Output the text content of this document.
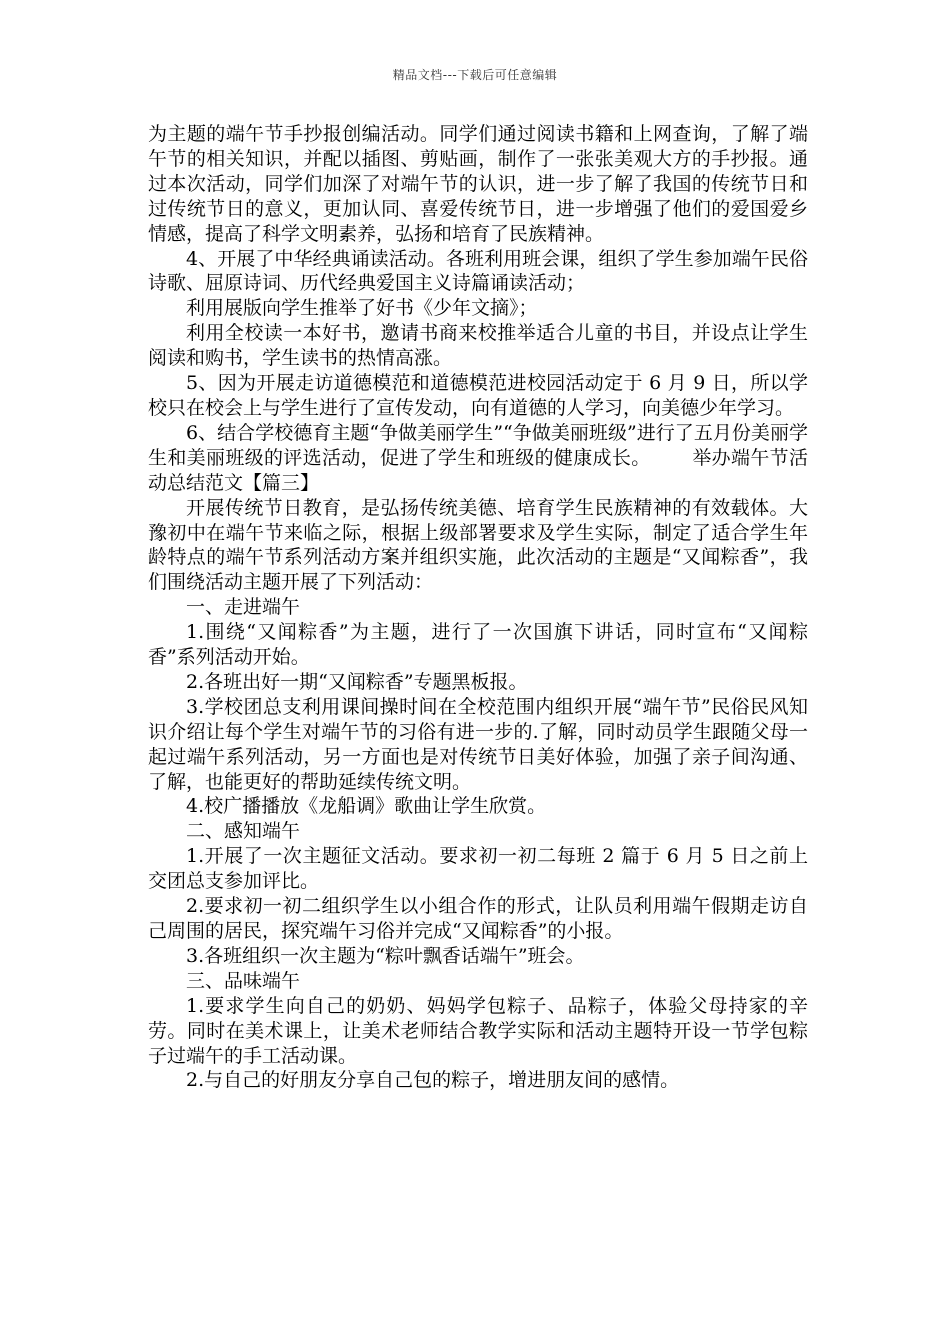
精品文档---下载后可任意编辑

为主题的端午节手抄报创编活动。同学们通过阅读书籍和上网查询，了解了端午节的相关知识，并配以插图、剪贴画，制作了一张张美观大方的手抄报。通过本次活动，同学们加深了对端午节的认识，进一步了解了我国的传统节日和过传统节日的意义，更加认同、喜爱传统节日，进一步增强了他们的爱国爱乡情感，提高了科学文明素养，弘扬和培育了民族精神。

4、开展了中华经典诵读活动。各班利用班会课，组织了学生参加端午民俗诗歌、屈原诗词、历代经典爱国主义诗篇诵读活动；

利用展版向学生推举了好书《少年文摘》；

利用全校读一本好书，邀请书商来校推举适合儿童的书目，并设点让学生阅读和购书，学生读书的热情高涨。

5、因为开展走访道德模范和道德模范进校园活动定于 6 月 9 日，所以学校只在校会上与学生进行了宣传发动，向有道德的人学习，向美德少年学习。

6、结合学校德育主题“争做美丽学生”“争做美丽班级”进行了五月份美丽学生和美丽班级的评选活动，促进了学生和班级的健康成长。 举办端午节活动总结范文【篇三】

开展传统节日教育，是弘扬传统美德、培育学生民族精神的有效载体。大豫初中在端午节来临之际，根据上级部署要求及学生实际，制定了适合学生年龄特点的端午节系列活动方案并组织实施，此次活动的主题是“又闻粽香”，我们围绕活动主题开展了下列活动：

一、走进端午

1.围绕“又闻粽香”为主题，进行了一次国旗下讲话，同时宣布“又闻粽香”系列活动开始。

2.各班出好一期“又闻粽香”专题黑板报。

3.学校团总支利用课间操时间在全校范围内组织开展“端午节”民俗民风知识介绍让每个学生对端午节的习俗有进一步的.了解，同时动员学生跟随父母一起过端午系列活动，另一方面也是对传统节日美好体验，加强了亲子间沟通、了解，也能更好的帮助延续传统文明。

4.校广播播放《龙船调》歌曲让学生欣赏。

二、感知端午

1.开展了一次主题征文活动。要求初一初二每班 2 篇于 6 月 5 日之前上交团总支参加评比。

2.要求初一初二组织学生以小组合作的形式，让队员利用端午假期走访自己周围的居民，探究端午习俗并完成“又闻粽香”的小报。

3.各班组织一次主题为“粽叶飘香话端午”班会。

三、品味端午

1.要求学生向自己的奶奶、妈妈学包粽子、品粽子，体验父母持家的辛劳。同时在美术课上，让美术老师结合教学实际和活动主题特开设一节学包粽子过端午的手工活动课。

2.与自己的好朋友分享自己包的粽子，增进朋友间的感情。
